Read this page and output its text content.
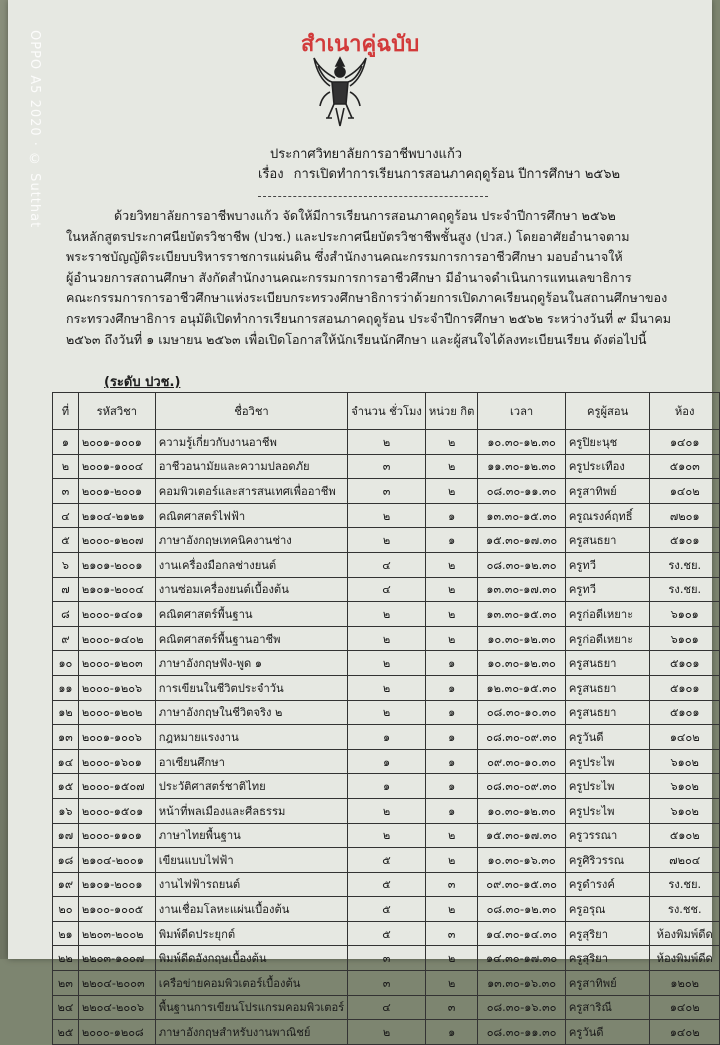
OPPO A5 2020 · © Sutthat	สำเนาคู่ฉบับ
ประกาศวิทยาลัยการอาชีพบางแก้ว
เรื่อง การเปิดทำการเรียนการสอนภาคฤดูร้อน ปีการศึกษา ๒๕๖๒

ด้วยวิทยาลัยการอาชีพบางแก้ว จัดให้มีการเรียนการสอนภาคฤดูร้อน ประจำปีการศึกษา ๒๕๖๒

ในหลักสูตรประกาศนียบัตรวิชาชีพ (ปวช.) และประกาศนียบัตรวิชาชีพชั้นสูง (ปวส.) โดยอาศัยอำนาจตาม

พระราชบัญญัติระเบียบบริหารราชการแผ่นดิน ซึ่งสำนักงานคณะกรรมการการอาชีวศึกษา มอบอำนาจให้

ผู้อำนวยการสถานศึกษา สังกัดสำนักงานคณะกรรมการการอาชีวศึกษา มีอำนาจดำเนินการแทนเลขาธิการ

คณะกรรมการการอาชีวศึกษาแห่งระเบียบกระทรวงศึกษาธิการว่าด้วยการเปิดภาคเรียนฤดูร้อนในสถานศึกษาของ

กระทรวงศึกษาธิการ อนุมัติเปิดทำการเรียนการสอนภาคฤดูร้อน ประจำปีการศึกษา ๒๕๖๒ ระหว่างวันที่ ๙ มีนาคม

๒๕๖๓ ถึงวันที่ ๑ เมษายน ๒๕๖๓ เพื่อเปิดโอกาสให้นักเรียนนักศึกษา และผู้สนใจได้ลงทะเบียนเรียน ดังต่อไปนี้

(ระดับ ปวช.)
ที่	รหัสวิชา	ชื่อวิชา	จำนวน ชั่วโมง	หน่วย กิต	เวลา	ครูผู้สอน	ห้อง
๑	๒๐๐๑-๑๐๐๑	ความรู้เกี่ยวกับงานอาชีพ	๒	๒	๑๐.๓๐-๑๒.๓๐	ครูปิยะนุช	๑๔๐๑
๒	๒๐๐๑-๑๐๐๔	อาชีวอนามัยและความปลอดภัย	๓	๒	๑๑.๓๐-๑๒.๓๐	ครูประเทือง	๕๑๐๓
๓	๒๐๐๑-๒๐๐๑	คอมพิวเตอร์และสารสนเทศเพื่ออาชีพ	๓	๒	๐๘.๓๐-๑๑.๓๐	ครูสาทิพย์	๑๔๐๒
๔	๒๑๐๔-๒๑๒๑	คณิตศาสตร์ไฟฟ้า	๒	๑	๑๓.๓๐-๑๕.๓๐	ครูณรงค์ฤทธิ์	๗๒๐๑
๕	๒๐๐๐-๑๒๐๗	ภาษาอังกฤษเทคนิคงานช่าง	๒	๑	๑๕.๓๐-๑๗.๓๐	ครูสนธยา	๕๑๐๑
๖	๒๑๐๑-๒๐๐๑	งานเครื่องมือกลช่างยนต์	๔	๒	๐๘.๓๐-๑๒.๓๐	ครูทวี	รง.ชย.
๗	๒๑๐๑-๒๐๐๔	งานซ่อมเครื่องยนต์เบื้องต้น	๔	๒	๑๓.๓๐-๑๗.๓๐	ครูทวี	รง.ชย.
๘	๒๐๐๐-๑๔๐๑	คณิตศาสตร์พื้นฐาน	๒	๒	๑๓.๓๐-๑๕.๓๐	ครูก่อดีเหยาะ	๖๑๐๑
๙	๒๐๐๐-๑๔๐๒	คณิตศาสตร์พื้นฐานอาชีพ	๒	๒	๑๐.๓๐-๑๒.๓๐	ครูก่อดีเหยาะ	๖๑๐๑
๑๐	๒๐๐๐-๑๒๐๓	ภาษาอังกฤษฟัง-พูด ๑	๒	๑	๑๐.๓๐-๑๒.๓๐	ครูสนธยา	๕๑๐๑
๑๑	๒๐๐๐-๑๒๐๖	การเขียนในชีวิตประจำวัน	๒	๑	๑๒.๓๐-๑๕.๓๐	ครูสนธยา	๕๑๐๑
๑๒	๒๐๐๐-๑๒๐๒	ภาษาอังกฤษในชีวิตจริง ๒	๒	๑	๐๘.๓๐-๑๐.๓๐	ครูสนธยา	๕๑๐๑
๑๓	๒๐๐๑-๑๐๐๖	กฎหมายแรงงาน	๑	๑	๐๘.๓๐-๐๙.๓๐	ครูวันดี	๑๔๐๒
๑๔	๒๐๐๐-๑๖๐๑	อาเซียนศึกษา	๑	๑	๐๙.๓๐-๑๐.๓๐	ครูประไพ	๖๑๐๒
๑๕	๒๐๐๐-๑๕๐๗	ประวัติศาสตร์ชาติไทย	๑	๑	๐๘.๓๐-๐๙.๓๐	ครูประไพ	๖๑๐๒
๑๖	๒๐๐๐-๑๕๐๑	หน้าที่พลเมืองและศีลธรรม	๒	๑	๑๐.๓๐-๑๒.๓๐	ครูประไพ	๖๑๐๒
๑๗	๒๐๐๐-๑๑๐๑	ภาษาไทยพื้นฐาน	๒	๒	๑๕.๓๐-๑๗.๓๐	ครูวรรณา	๕๑๐๒
๑๘	๒๑๐๔-๒๐๐๑	เขียนแบบไฟฟ้า	๕	๒	๑๐.๓๐-๑๖.๓๐	ครูศิริวรรณ	๗๒๐๔
๑๙	๒๑๐๑-๒๐๐๑	งานไฟฟ้ารถยนต์	๕	๓	๐๙.๓๐-๑๕.๓๐	ครูดำรงค์	รง.ชย.
๒๐	๒๑๐๐-๑๐๐๕	งานเชื่อมโลหะแผ่นเบื้องต้น	๕	๒	๐๘.๓๐-๑๒.๓๐	ครูอรุณ	รง.ชช.
๒๑	๒๒๐๓-๒๐๐๒	พิมพ์ดีดประยุกต์	๕	๓	๑๔.๓๐-๑๔.๓๐	ครูสุริยา	ห้องพิมพ์ดีด
๒๒	๒๒๐๓-๑๐๐๗	พิมพ์ดีดอังกฤษเบื้องต้น	๓	๒	๑๔.๓๐-๑๗.๓๐	ครูสุริยา	ห้องพิมพ์ดีด
๒๓	๒๒๐๔-๒๐๐๓	เครือข่ายคอมพิวเตอร์เบื้องต้น	๓	๒	๑๓.๓๐-๑๖.๓๐	ครูสาทิพย์	๑๒๐๒
๒๔	๒๒๐๔-๒๐๐๖	พื้นฐานการเขียนโปรแกรมคอมพิวเตอร์	๔	๓	๐๘.๓๐-๑๖.๓๐	ครูสาริณี	๑๔๐๒
๒๕	๒๐๐๐-๑๒๐๘	ภาษาอังกฤษสำหรับงานพาณิชย์	๒	๑	๐๘.๓๐-๑๑.๓๐	ครูวันดี	๑๔๐๒
